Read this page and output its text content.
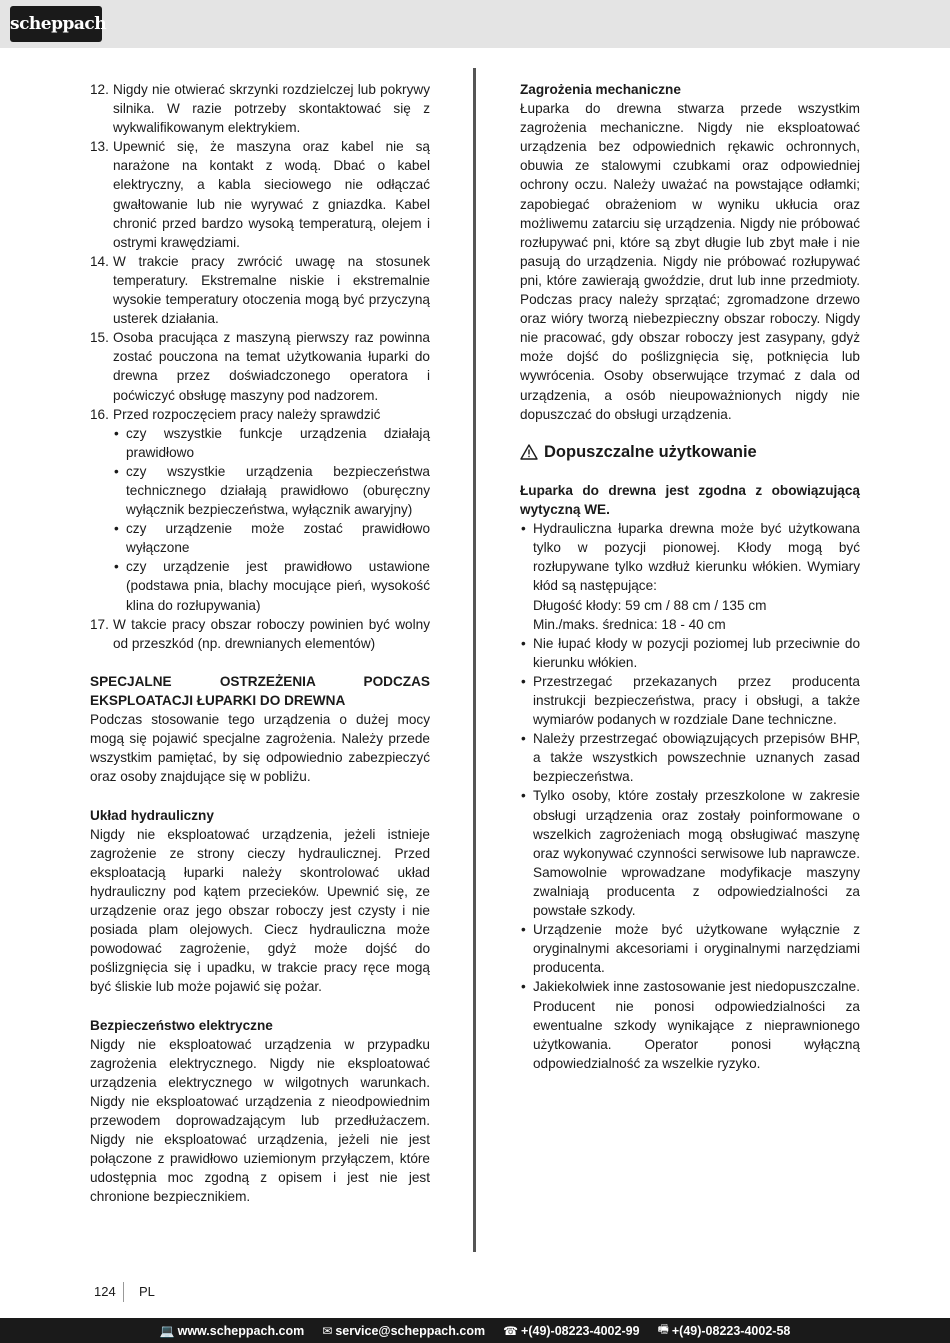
scheppach
12. Nigdy nie otwierać skrzynki rozdzielczej lub pokrywy silnika. W razie potrzeby skontaktować się z wykwalifikowanym elektrykiem.
13. Upewnić się, że maszyna oraz kabel nie są narażone na kontakt z wodą. Dbać o kabel elektryczny, a kabla sieciowego nie odłączać gwałtowanie lub nie wyrywać z gniazdka. Kabel chronić przed bardzo wysoką temperaturą, olejem i ostrymi krawędziami.
14. W trakcie pracy zwrócić uwagę na stosunek temperatury. Ekstremalne niskie i ekstremalnie wysokie temperatury otoczenia mogą być przyczyną usterek działania.
15. Osoba pracująca z maszyną pierwszy raz powinna zostać pouczona na temat użytkowania łuparki do drewna przez doświadczonego operatora i poćwiczyć obsługę maszyny pod nadzorem.
16. Przed rozpoczęciem pracy należy sprawdzić
• czy wszystkie funkcje urządzenia działają prawidłowo
• czy wszystkie urządzenia bezpieczeństwa technicznego działają prawidłowo (oburęczny wyłącznik bezpieczeństwa, wyłącznik awaryjny)
• czy urządzenie może zostać prawidłowo wyłączone
• czy urządzenie jest prawidłowo ustawione (podstawa pnia, blachy mocujące pień, wysokość klina do rozłupywania)
17. W takcie pracy obszar roboczy powinien być wolny od przeszkód (np. drewnianych elementów)

SPECJALNE OSTRZEŻENIA PODCZAS EKSPLOATACJI ŁUPARKI DO DREWNA

Podczas stosowanie tego urządzenia o dużej mocy mogą się pojawić specjalne zagrożenia. Należy przede wszystkim pamiętać, by się odpowiednio zabezpieczyć oraz osoby znajdujące się w pobliżu.

Układ hydrauliczny

Nigdy nie eksploatować urządzenia, jeżeli istnieje zagrożenie ze strony cieczy hydraulicznej. Przed eksploatacją łuparki należy skontrolować układ hydrauliczny pod kątem przecieków. Upewnić się, ze urządzenie oraz jego obszar roboczy jest czysty i nie posiada plam olejowych. Ciecz hydrauliczna może powodować zagrożenie, gdyż może dojść do poślizgnięcia się i upadku, w trakcie pracy ręce mogą być śliskie lub może pojawić się pożar.

Bezpieczeństwo elektryczne

Nigdy nie eksploatować urządzenia w przypadku zagrożenia elektrycznego. Nigdy nie eksploatować urządzenia elektrycznego w wilgotnych warunkach. Nigdy nie eksploatować urządzenia z nieodpowiednim przewodem doprowadzającym lub przedłużaczem. Nigdy nie eksploatować urządzenia, jeżeli nie jest połączone z prawidłowo uziemionym przyłączem, które udostępnia moc zgodną z opisem i jest nie jest chronione bezpiecznikiem.

Zagrożenia mechaniczne

Łuparka do drewna stwarza przede wszystkim zagrożenia mechaniczne. Nigdy nie eksploatować urządzenia bez odpowiednich rękawic ochronnych, obuwia ze stalowymi czubkami oraz odpowiedniej ochrony oczu. Należy uważać na powstające odłamki; zapobiegać obrażeniom w wyniku ukłucia oraz możliwemu zatarciu się urządzenia. Nigdy nie próbować rozłupywać pni, które są zbyt długie lub zbyt małe i nie pasują do urządzenia. Nigdy nie próbować rozłupywać pni, które zawierają gwoździe, drut lub inne przedmioty. Podczas pracy należy sprzątać; zgromadzone drzewo oraz wióry tworzą niebezpieczny obszar roboczy. Nigdy nie pracować, gdy obszar roboczy jest zasypany, gdyż może dojść do poślizgnięcia się, potknięcia lub wywrócenia. Osoby obserwujące trzymać z dala od urządzenia, a osób nieupoważnionych nigdy nie dopuszczać do obsługi urządzenia.

Dopuszczalne użytkowanie

Łuparka do drewna jest zgodna z obowiązującą wytyczną WE.

• Hydrauliczna łuparka drewna może być użytkowana tylko w pozycji pionowej. Kłody mogą być rozłupywane tylko wzdłuż kierunku włókien. Wymiary kłód są następujące:
Długość kłody: 59 cm / 88 cm / 135 cm
Min./maks. średnica: 18 - 40 cm
• Nie łupać kłody w pozycji poziomej lub przeciwnie do kierunku włókien.
• Przestrzegać przekazanych przez producenta instrukcji bezpieczeństwa, pracy i obsługi, a także wymiarów podanych w rozdziale Dane techniczne.
• Należy przestrzegać obowiązujących przepisów BHP, a także wszystkich powszechnie uznanych zasad bezpieczeństwa.
• Tylko osoby, które zostały przeszkolone w zakresie obsługi urządzenia oraz zostały poinformowane o wszelkich zagrożeniach mogą obsługiwać maszynę oraz wykonywać czynności serwisowe lub naprawcze. Samowolnie wprowadzane modyfikacje maszyny zwalniają producenta z odpowiedzialności za powstałe szkody.
• Urządzenie może być użytkowane wyłącznie z oryginalnymi akcesoriami i oryginalnymi narzędziami producenta.
• Jakiekolwiek inne zastosowanie jest niedopuszczalne. Producent nie ponosi odpowiedzialności za ewentualne szkody wynikające z nieprawnionego użytkowania. Operator ponosi wyłączną odpowiedzialność za wszelkie ryzyko.
124 PL
💻 www.scheppach.com ✉ service@scheppach.com ☎ +(49)-08223-4002-99 🖷 +(49)-08223-4002-58
